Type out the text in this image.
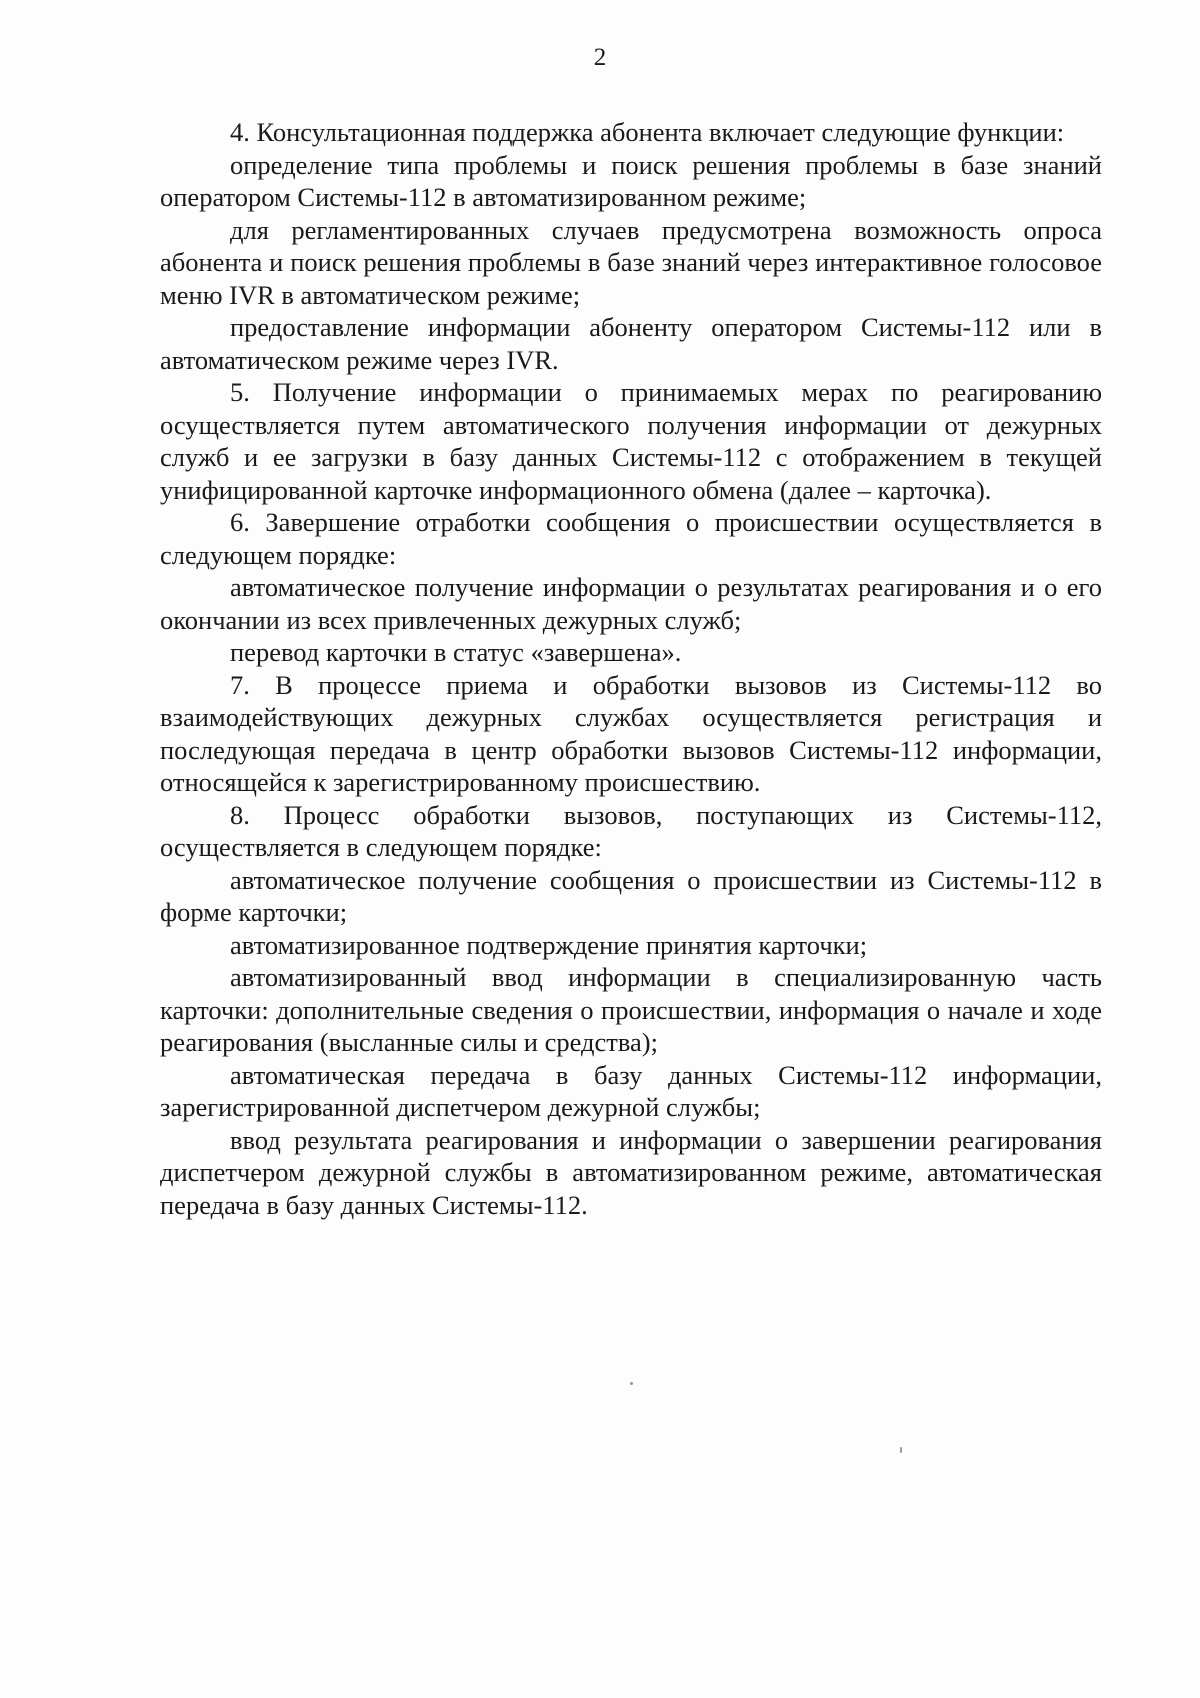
2

4. Консультационная поддержка абонента включает следующие функции:

определение типа проблемы и поиск решения проблемы в базе знаний оператором Системы-112 в автоматизированном режиме;

для регламентированных случаев предусмотрена возможность опроса абонента и поиск решения проблемы в базе знаний через интерактивное голосовое меню IVR в автоматическом режиме;

предоставление информации абоненту оператором Системы-112 или в автоматическом режиме через IVR.

5. Получение информации о принимаемых мерах по реагированию осуществляется путем автоматического получения информации от дежурных служб и ее загрузки в базу данных Системы-112 с отображением в текущей унифицированной карточке информационного обмена (далее – карточка).

6. Завершение отработки сообщения о происшествии осуществляется в следующем порядке:

автоматическое получение информации о результатах реагирования и о его окончании из всех привлеченных дежурных служб;

перевод карточки в статус «завершена».

7. В процессе приема и обработки вызовов из Системы-112 во взаимодействующих дежурных службах осуществляется регистрация и последующая передача в центр обработки вызовов Системы-112 информации, относящейся к зарегистрированному происшествию.

8. Процесс обработки вызовов, поступающих из Системы-112, осуществляется в следующем порядке:

автоматическое получение сообщения о происшествии из Системы-112 в форме карточки;

автоматизированное подтверждение принятия карточки;

автоматизированный ввод информации в специализированную часть карточки: дополнительные сведения о происшествии, информация о начале и ходе реагирования (высланные силы и средства);

автоматическая передача в базу данных Системы-112 информации, зарегистрированной диспетчером дежурной службы;

ввод результата реагирования и информации о завершении реагирования диспетчером дежурной службы в автоматизированном режиме, автоматическая передача в базу данных Системы-112.
